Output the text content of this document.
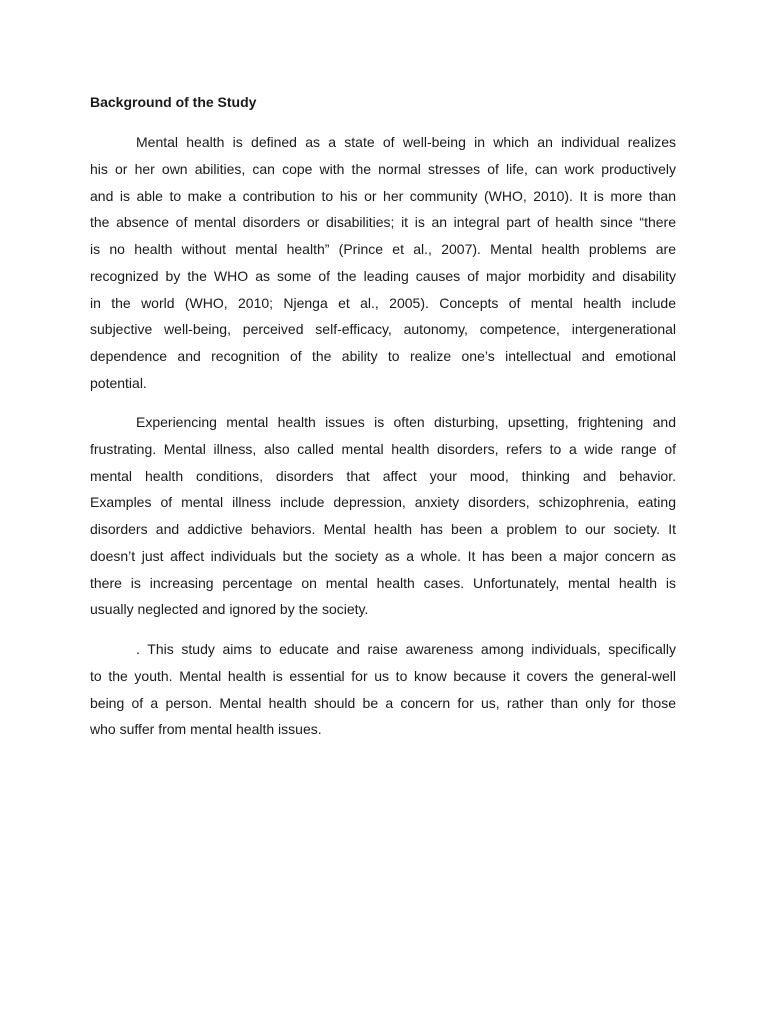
Background of the Study
Mental health is defined as a state of well-being in which an individual realizes
his or her own abilities, can cope with the normal stresses of life, can work productively
and is able to make a contribution to his or her community (WHO, 2010). It is more than
the absence of mental disorders or disabilities; it is an integral part of health since “there
is no health without mental health” (Prince et al., 2007). Mental health problems are
recognized by the WHO as some of the leading causes of major morbidity and disability
in the world (WHO, 2010; Njenga et al., 2005). Concepts of mental health include
subjective well-being, perceived self-efficacy, autonomy, competence, intergenerational
dependence and recognition of the ability to realize one’s intellectual and emotional
potential.
Experiencing mental health issues is often disturbing, upsetting, frightening and
frustrating. Mental illness, also called mental health disorders, refers to a wide range of
mental health conditions, disorders that affect your mood, thinking and behavior.
Examples of mental illness include depression, anxiety disorders, schizophrenia, eating
disorders and addictive behaviors. Mental health has been a problem to our society. It
doesn’t just affect individuals but the society as a whole. It has been a major concern as
there is increasing percentage on mental health cases. Unfortunately, mental health is
usually neglected and ignored by the society.
. This study aims to educate and raise awareness among individuals, specifically
to the youth. Mental health is essential for us to know because it covers the general-well
being of a person. Mental health should be a concern for us, rather than only for those
who suffer from mental health issues.
